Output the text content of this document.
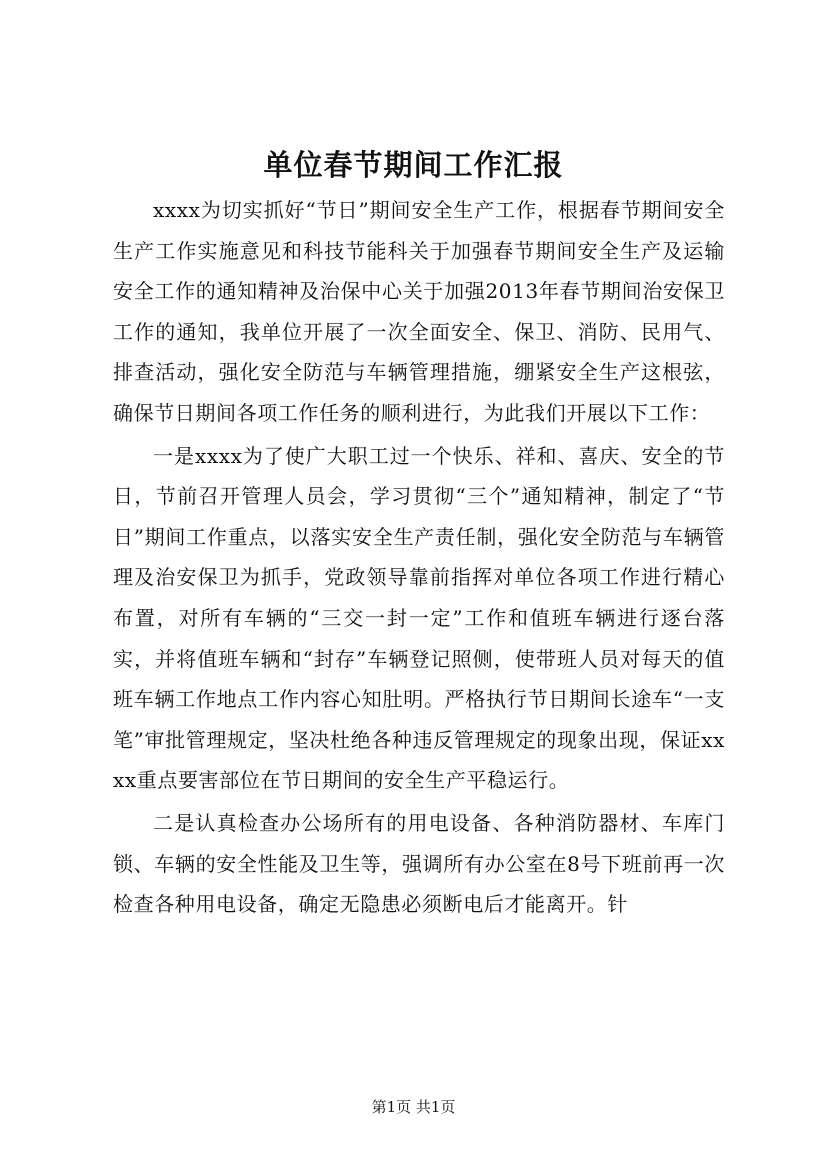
单位春节期间工作汇报

xxxx为切实抓好“节日”期间安全生产工作，根据春节期间安全生产工作实施意见和科技节能科关于加强春节期间安全生产及运输安全工作的通知精神及治保中心关于加强2013年春节期间治安保卫工作的通知，我单位开展了一次全面安全、保卫、消防、民用气、排查活动，强化安全防范与车辆管理措施，绷紧安全生产这根弦，确保节日期间各项工作任务的顺利进行，为此我们开展以下工作：

一是xxxx为了使广大职工过一个快乐、祥和、喜庆、安全的节日，节前召开管理人员会，学习贯彻“三个”通知精神，制定了“节日”期间工作重点，以落实安全生产责任制，强化安全防范与车辆管理及治安保卫为抓手，党政领导靠前指挥对单位各项工作进行精心布置，对所有车辆的“三交一封一定”工作和值班车辆进行逐台落实，并将值班车辆和“封存”车辆登记照侧，使带班人员对每天的值班车辆工作地点工作内容心知肚明。严格执行节日期间长途车“一支笔”审批管理规定，坚决杜绝各种违反管理规定的现象出现，保证xxxx重点要害部位在节日期间的安全生产平稳运行。

二是认真检查办公场所有的用电设备、各种消防器材、车库门锁、车辆的安全性能及卫生等，强调所有办公室在8号下班前再一次检查各种用电设备，确定无隐患必须断电后才能离开。针

第1页 共1页
